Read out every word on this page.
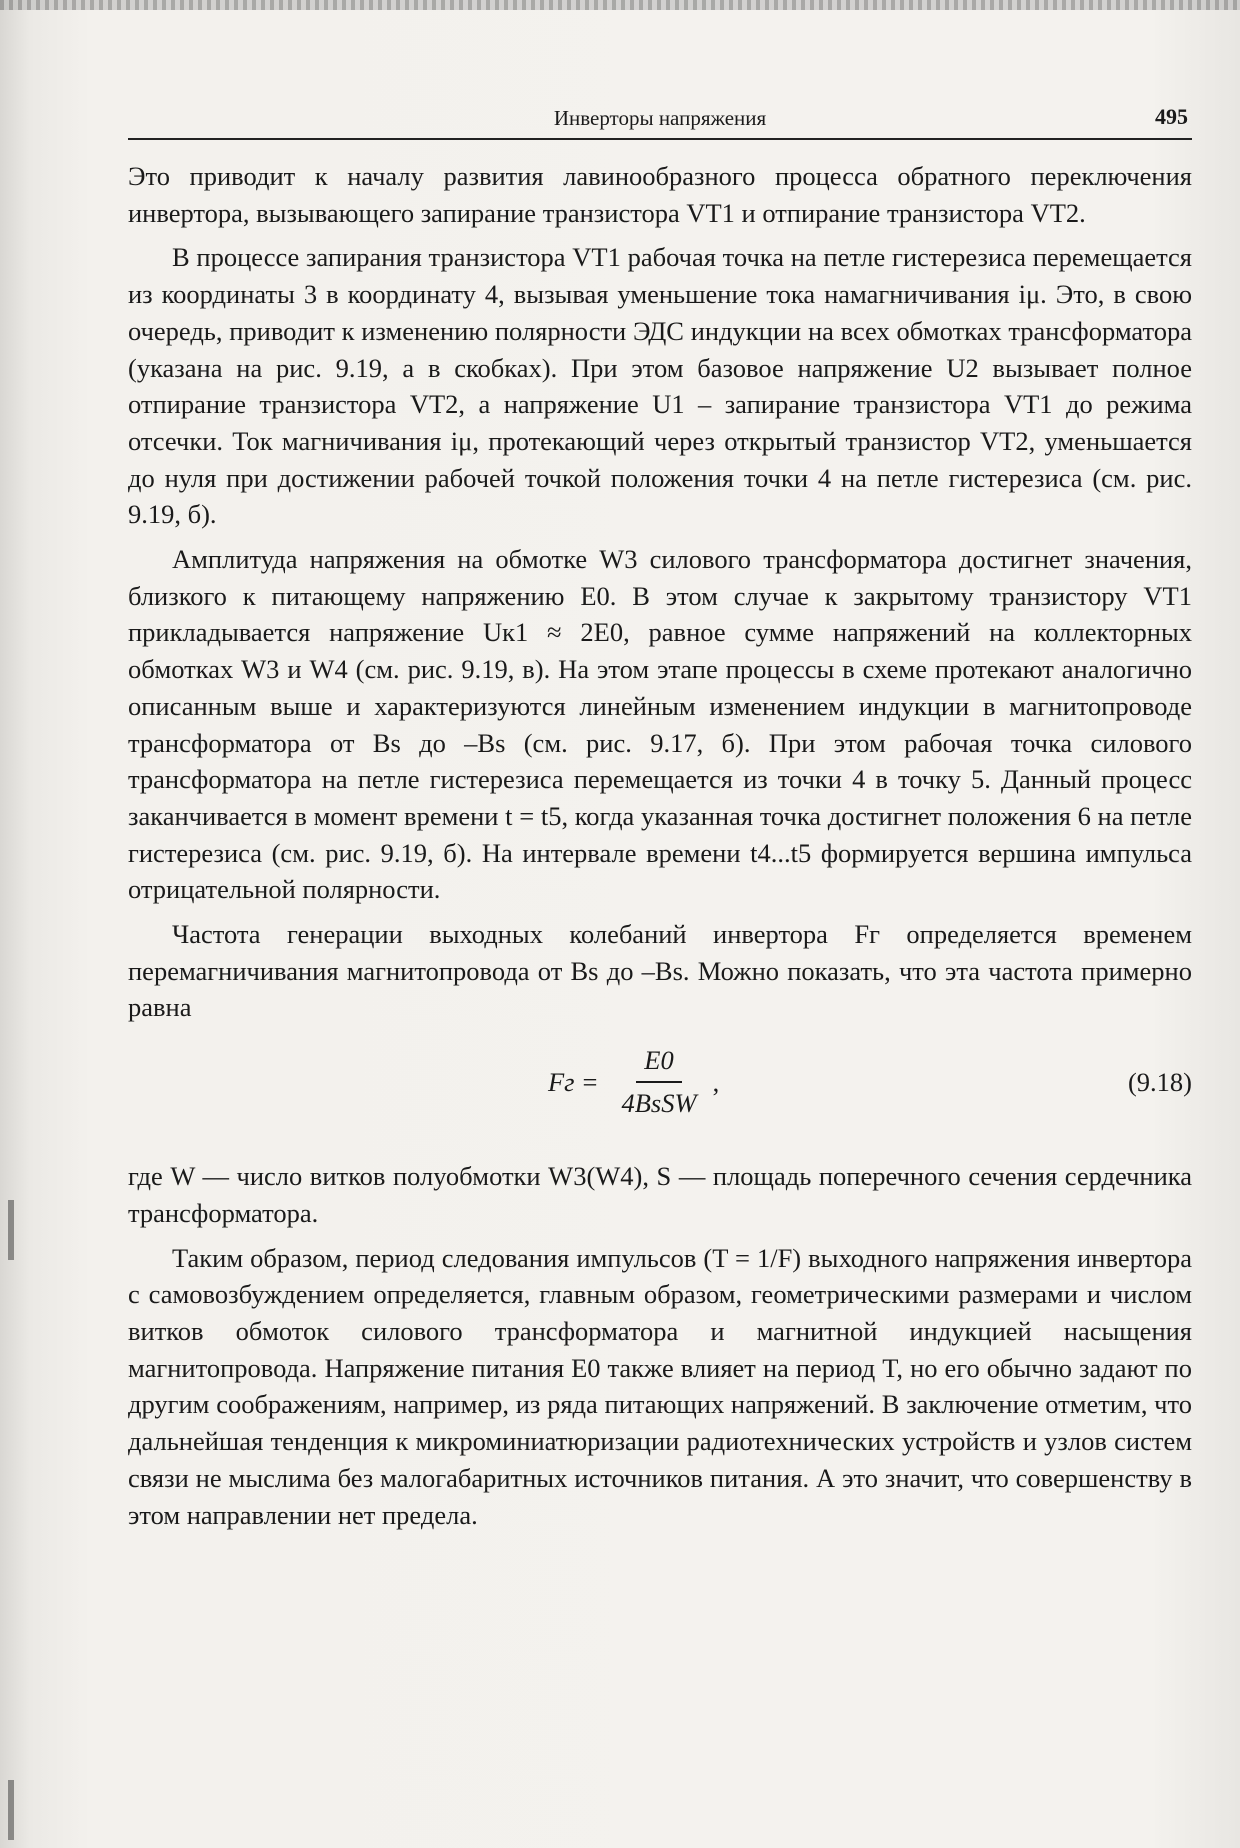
Инверторы напряжения	495

Это приводит к началу развития лавинообразного процесса обратного переключения инвертора, вызывающего запирание транзистора VT1 и отпирание транзистора VT2.

В процессе запирания транзистора VT1 рабочая точка на петле гистерезиса перемещается из координаты 3 в координату 4, вызывая уменьшение тока намагничивания iμ. Это, в свою очередь, приводит к изменению полярности ЭДС индукции на всех обмотках трансформатора (указана на рис. 9.19, а в скобках). При этом базовое напряжение U2 вызывает полное отпирание транзистора VT2, а напряжение U1 – запирание транзистора VT1 до режима отсечки. Ток магничивания iμ, протекающий через открытый транзистор VT2, уменьшается до нуля при достижении рабочей точкой положения точки 4 на петле гистерезиса (см. рис. 9.19, б).

Амплитуда напряжения на обмотке W3 силового трансформатора достигнет значения, близкого к питающему напряжению E0. В этом случае к закрытому транзистору VT1 прикладывается напряжение Uк1 ≈ 2E0, равное сумме напряжений на коллекторных обмотках W3 и W4 (см. рис. 9.19, в). На этом этапе процессы в схеме протекают аналогично описанным выше и характеризуются линейным изменением индукции в магнитопроводе трансформатора от Bs до –Bs (см. рис. 9.17, б). При этом рабочая точка силового трансформатора на петле гистерезиса перемещается из точки 4 в точку 5. Данный процесс заканчивается в момент времени t = t5, когда указанная точка достигнет положения 6 на петле гистерезиса (см. рис. 9.19, б). На интервале времени t4...t5 формируется вершина импульса отрицательной полярности.

Частота генерации выходных колебаний инвертора Fг определяется временем перемагничивания магнитопровода от Bs до –Bs. Можно показать, что эта частота примерно равна

Fг = $\frac{E0}{\text{4BsSW}}$ ,	(9.18)

где W — число витков полуобмотки W3(W4), S — площадь поперечного сечения сердечника трансформатора.

Таким образом, период следования импульсов (T = 1/F) выходного напряжения инвертора с самовозбуждением определяется, главным образом, геометрическими размерами и числом витков обмоток силового трансформатора и магнитной индукцией насыщения магнитопровода. Напряжение питания E0 также влияет на период T, но его обычно задают по другим соображениям, например, из ряда питающих напряжений. В заключение отметим, что дальнейшая тенденция к микроминиатюризации радиотехнических устройств и узлов систем связи не мыслима без малогабаритных источников питания. А это значит, что совершенству в этом направлении нет предела.
